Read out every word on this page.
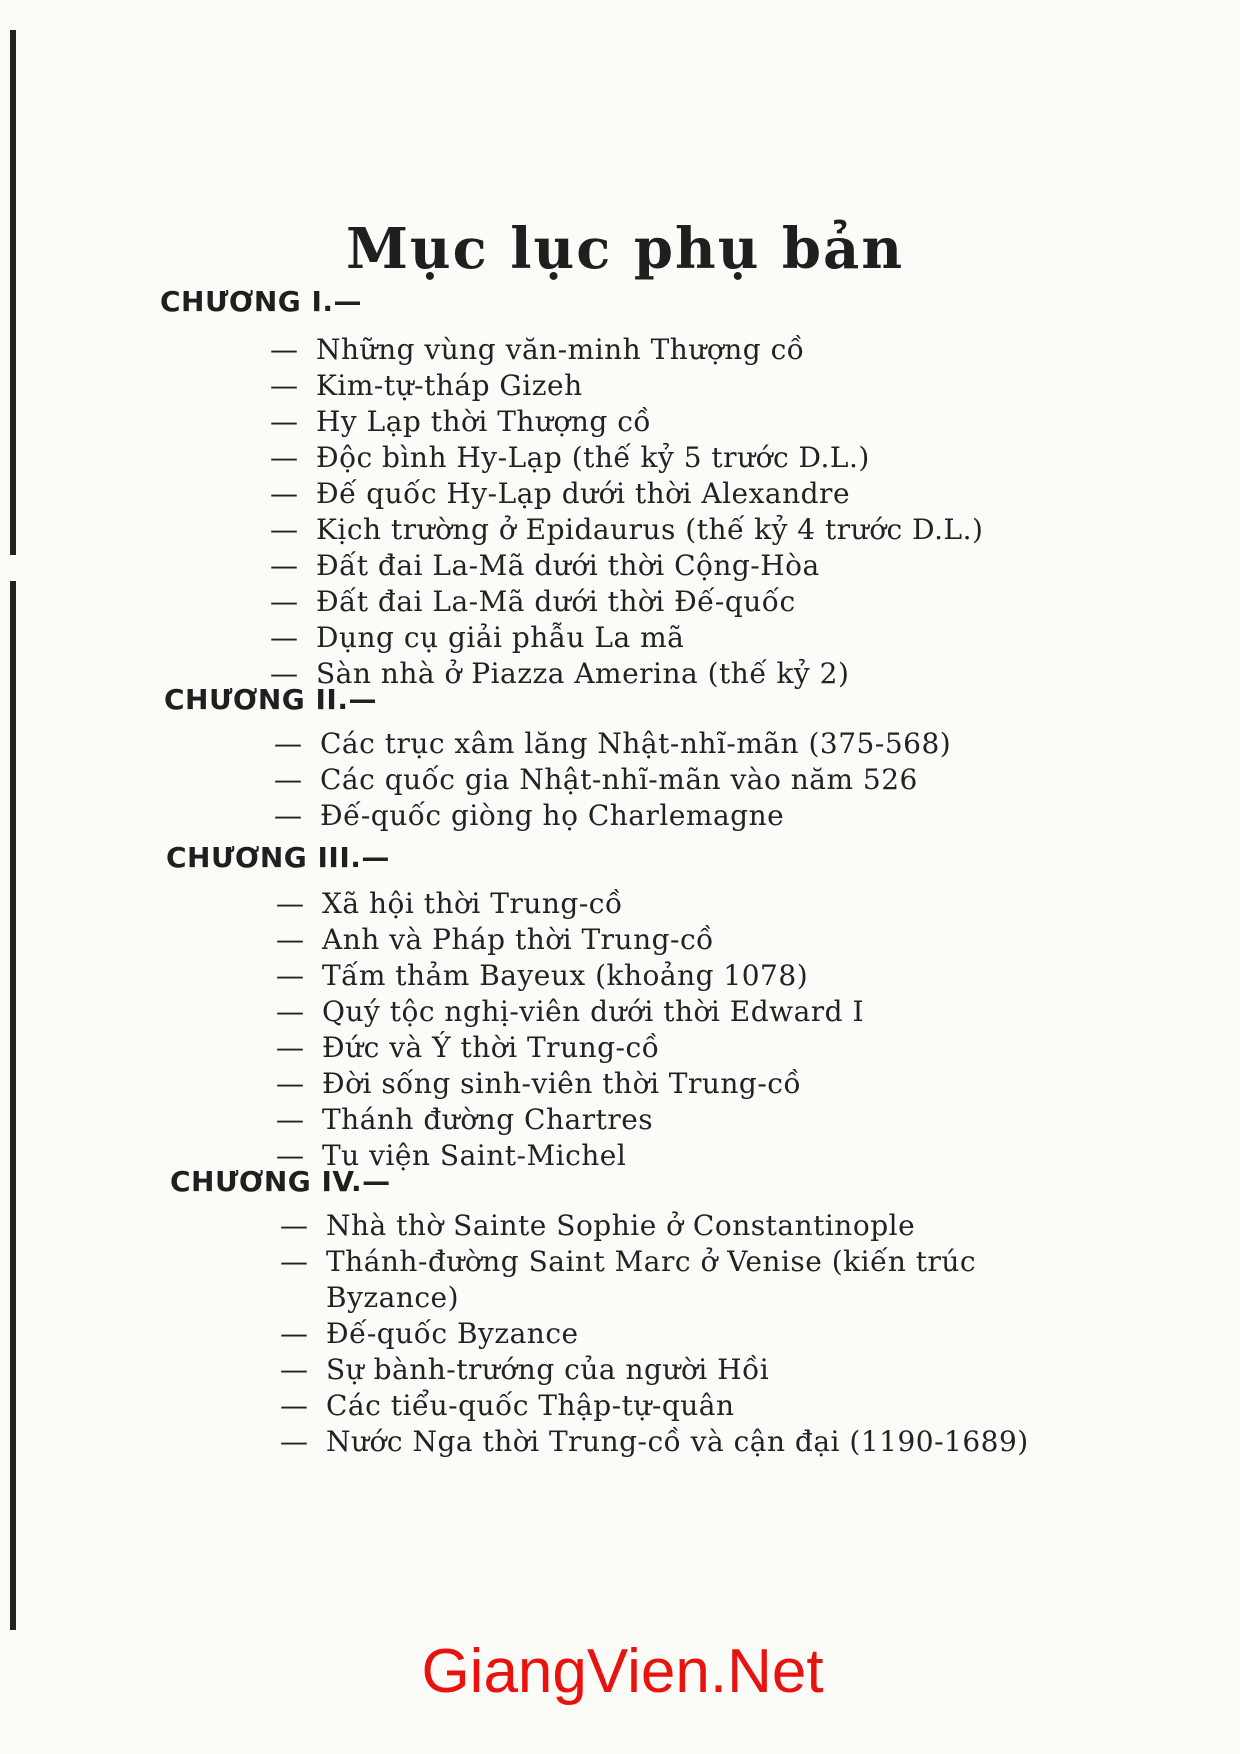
Mục lục phụ bản
CHƯƠNG I.—
— Những vùng văn-minh Thượng cồ
— Kim-tự-tháp Gizeh
— Hy Lạp thời Thượng cồ
— Độc bình Hy-Lạp (thế kỷ 5 trước D.L.)
— Đế quốc Hy-Lạp dưới thời Alexandre
— Kịch trường ở Epidaurus (thế kỷ 4 trước D.L.)
— Đất đai La-Mã dưới thời Cộng-Hòa
— Đất đai La-Mã dưới thời Đế-quốc
— Dụng cụ giải phẫu La mã
— Sàn nhà ở Piazza Amerina (thế kỷ 2)
CHƯƠNG II.—
— Các trục xâm lăng Nhật-nhĩ-mãn (375-568)
— Các quốc gia Nhật-nhĩ-mãn vào năm 526
— Đế-quốc giòng họ Charlemagne
CHƯƠNG III.—
— Xã hội thời Trung-cồ
— Anh và Pháp thời Trung-cồ
— Tấm thảm Bayeux (khoảng 1078)
— Quý tộc nghị-viên dưới thời Edward I
— Đức và Ý thời Trung-cồ
— Đời sống sinh-viên thời Trung-cồ
— Thánh đường Chartres
— Tu viện Saint-Michel
CHƯƠNG IV.—
— Nhà thờ Sainte Sophie ở Constantinople
— Thánh-đường Saint Marc ở Venise (kiến trúc Byzance)
— Đế-quốc Byzance
— Sự bành-trướng của người Hồi
— Các tiểu-quốc Thập-tự-quân
— Nước Nga thời Trung-cồ và cận đại (1190-1689)
GiangVien.Net
